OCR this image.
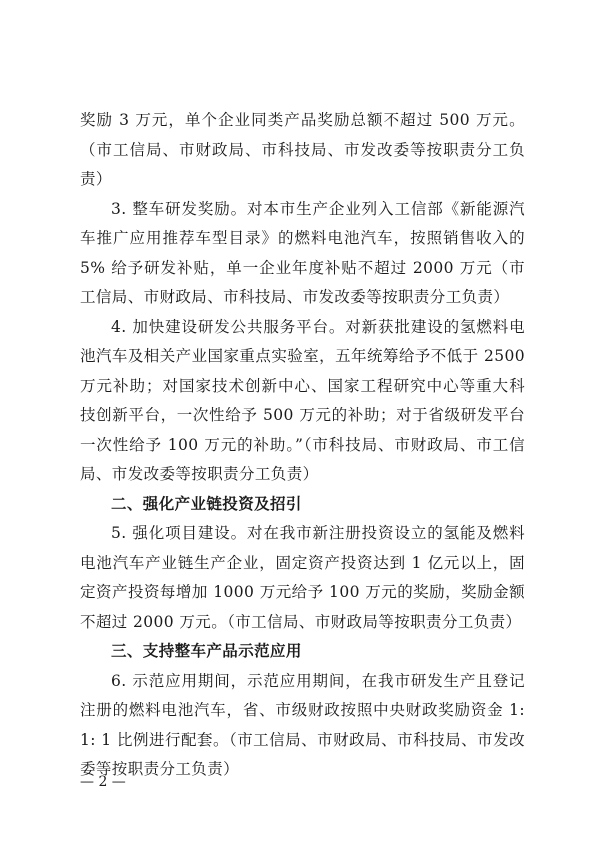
奖励 3 万元，单个企业同类产品奖励总额不超过 500 万元。（市工信局、市财政局、市科技局、市发改委等按职责分工负责）

3. 整车研发奖励。对本市生产企业列入工信部《新能源汽车推广应用推荐车型目录》的燃料电池汽车，按照销售收入的 5% 给予研发补贴，单一企业年度补贴不超过 2000 万元（市工信局、市财政局、市科技局、市发改委等按职责分工负责）

4. 加快建设研发公共服务平台。对新获批建设的氢燃料电池汽车及相关产业国家重点实验室，五年统筹给予不低于 2500 万元补助；对国家技术创新中心、国家工程研究中心等重大科技创新平台，一次性给予 500 万元的补助；对于省级研发平台一次性给予 100 万元的补助。”（市科技局、市财政局、市工信局、市发改委等按职责分工负责）

二、强化产业链投资及招引

5. 强化项目建设。对在我市新注册投资设立的氢能及燃料电池汽车产业链生产企业，固定资产投资达到 1 亿元以上，固定资产投资每增加 1000 万元给予 100 万元的奖励，奖励金额不超过 2000 万元。（市工信局、市财政局等按职责分工负责）

三、支持整车产品示范应用

6. 示范应用期间，示范应用期间，在我市研发生产且登记注册的燃料电池汽车，省、市级财政按照中央财政奖励资金 1: 1: 1 比例进行配套。（市工信局、市财政局、市科技局、市发改委等按职责分工负责）

— 2 —
